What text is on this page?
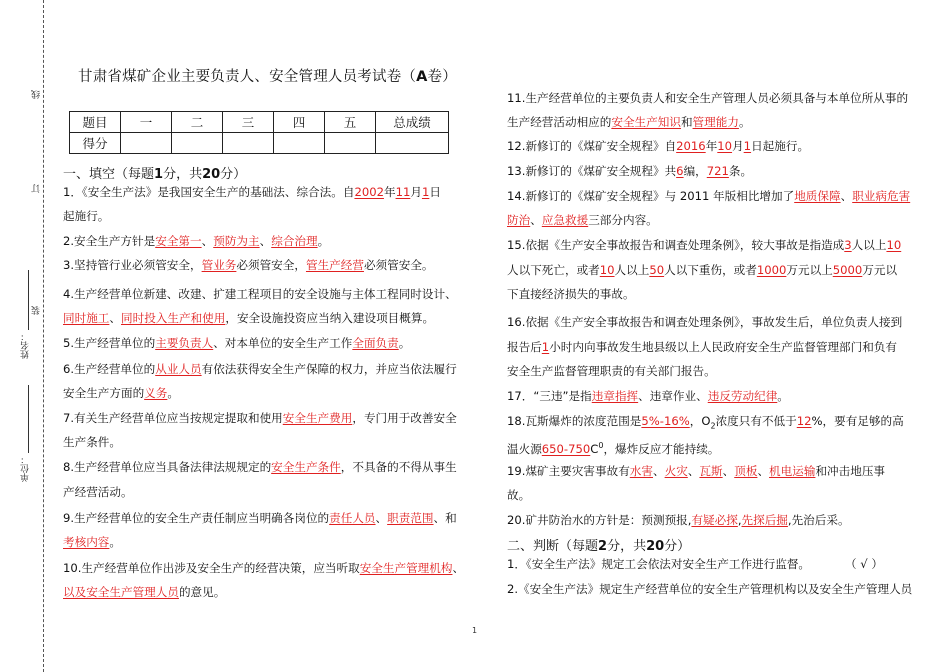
线
订
装
姓名：
单位：
甘肃省煤矿企业主要负责人、安全管理人员考试卷（A卷）
题目	一	二	三	四	五	总成绩
得分						
一、填空（每题1分，共20分）
1．《安全生产法》是我国安全生产的基础法、综合法。自2002年11月1日
起施行。
2.安全生产方针是安全第一、预防为主、综合治理。
3.坚持管行业必须管安全，管业务必须管安全，管生产经营必须管安全。
4.生产经营单位新建、改建、扩建工程项目的安全设施与主体工程同时设计、
同时施工、同时投入生产和使用，安全设施投资应当纳入建设项目概算。
5.生产经营单位的主要负责人、对本单位的安全生产工作全面负责。
6.生产经营单位的从业人员有依法获得安全生产保障的权力，并应当依法履行
安全生产方面的义务。
7.有关生产经营单位应当按规定提取和使用安全生产费用，专门用于改善安全
生产条件。
8.生产经营单位应当具备法律法规规定的安全生产条件，不具备的不得从事生
产经营活动。
9.生产经营单位的安全生产责任制应当明确各岗位的责任人员、职责范围、和
考核内容。
10.生产经营单位作出涉及安全生产的经营决策，应当听取安全生产管理机构、
以及安全生产管理人员的意见。
11.生产经营单位的主要负责人和安全生产管理人员必须具备与本单位所从事的
生产经营活动相应的安全生产知识和管理能力。
12.新修订的《煤矿安全规程》自2016年10月1日起施行。
13.新修订的《煤矿安全规程》共6编，721条。
14.新修订的《煤矿安全规程》与 2011 年版相比增加了地质保障、职业病危害
防治、应急救援三部分内容。
15.依据《生产安全事故报告和调查处理条例》，较大事故是指造成3人以上10
人以下死亡，或者10人以上50人以下重伤，或者1000万元以上5000万元以
下直接经济损失的事故。
16.依据《生产安全事故报告和调查处理条例》，事故发生后，单位负责人接到
报告后1小时内向事故发生地县级以上人民政府安全生产监督管理部门和负有
安全生产监督管理职责的有关部门报告。
17．“三违”是指违章指挥、违章作业、违反劳动纪律。
18.瓦斯爆炸的浓度范围是5%-16%，$O_2$浓度只有不低于12%，要有足够的高
温火源$650-750C^0$，爆炸反应才能持续。
19.煤矿主要灾害事故有水害、火灾、瓦斯、顶板、机电运输和冲击地压事
故。
20.矿井防治水的方针是：预测预报,有疑必探,先探后掘,先治后采。
二、判断（每题2分，共20分）
1．《安全生产法》规定工会依法对安全生产工作进行监督。	（ √ ）
2.《安全生产法》规定生产经营单位的安全生产管理机构以及安全生产管理人员
1
